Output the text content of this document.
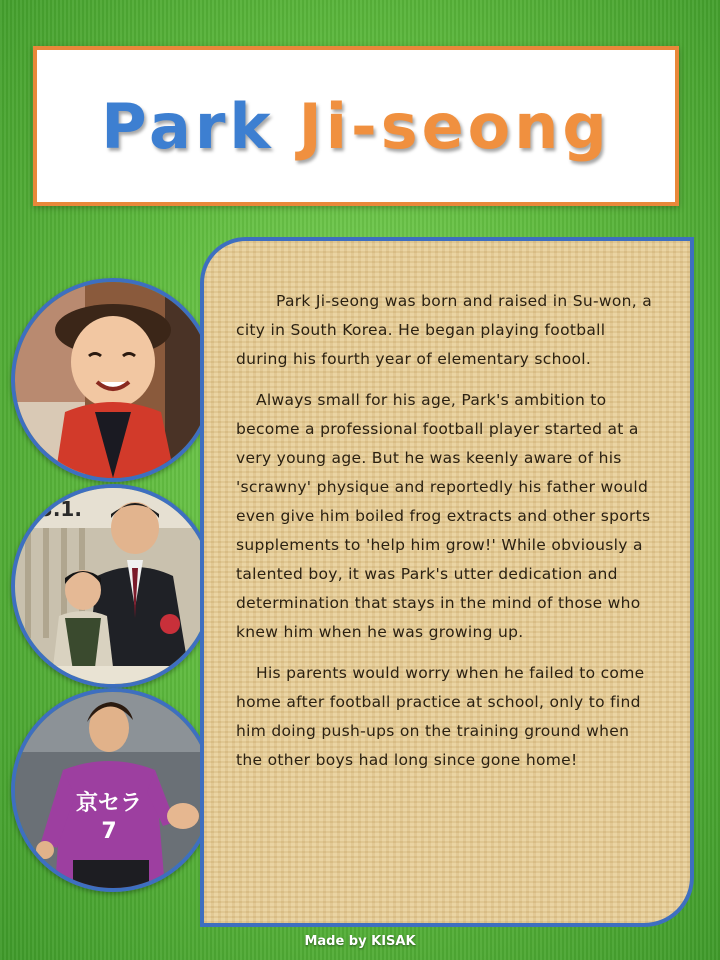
Park Ji-seong
93.1.
京セラ
7

Park Ji-seong was born and raised in Su-won, a city in South Korea. He began playing football during his fourth year of elementary school.

Always small for his age, Park's ambition to become a professional football player started at a very young age. But he was keenly aware of his 'scrawny' physique and reportedly his father would even give him boiled frog extracts and other sports supplements to 'help him grow!' While obviously a talented boy, it was Park's utter dedication and determination that stays in the mind of those who knew him when he was growing up.

His parents would worry when he failed to come home after football practice at school, only to find him doing push-ups on the training ground when the other boys had long since gone home!

Made by KISAK
